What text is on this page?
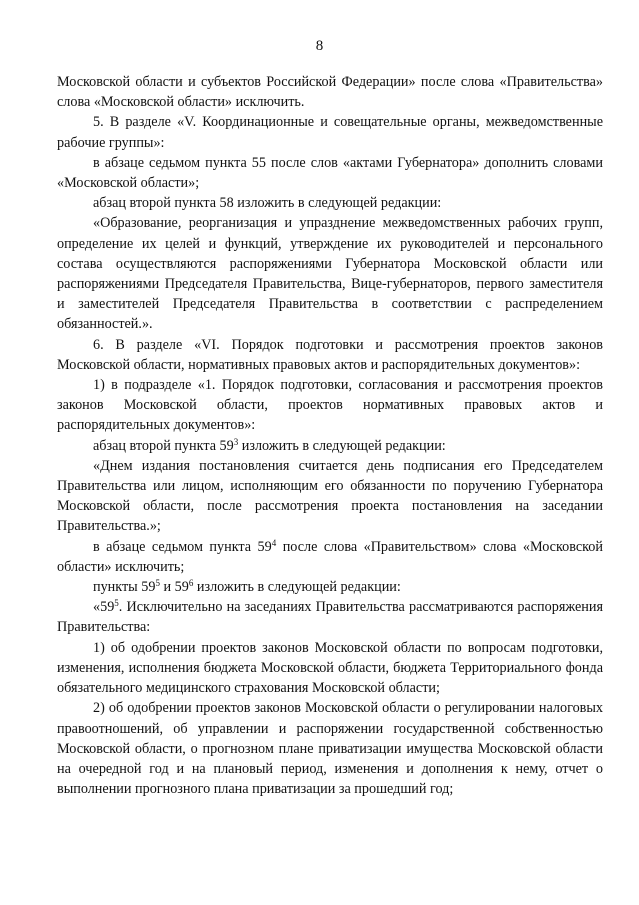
8

Московской области и субъектов Российской Федерации» после слова «Правительства» слова «Московской области» исключить.

5. В разделе «V. Координационные и совещательные органы, межведомственные рабочие группы»:

в абзаце седьмом пункта 55 после слов «актами Губернатора» дополнить словами «Московской области»;

абзац второй пункта 58 изложить в следующей редакции:

«Образование, реорганизация и упразднение межведомственных рабочих групп, определение их целей и функций, утверждение их руководителей и персонального состава осуществляются распоряжениями Губернатора Московской области или распоряжениями Председателя Правительства, Вице-губернаторов, первого заместителя и заместителей Председателя Правительства в соответствии с распределением обязанностей.».

6. В разделе «VI. Порядок подготовки и рассмотрения проектов законов Московской области, нормативных правовых актов и распорядительных документов»:

1) в подразделе «1. Порядок подготовки, согласования и рассмотрения проектов законов Московской области, проектов нормативных правовых актов и распорядительных документов»:

абзац второй пункта $59^3$ изложить в следующей редакции:

«Днем издания постановления считается день подписания его Председателем Правительства или лицом, исполняющим его обязанности по поручению Губернатора Московской области, после рассмотрения проекта постановления на заседании Правительства.»;

в абзаце седьмом пункта $59^4$ после слова «Правительством» слова «Московской области» исключить;

пункты $59^5$ и $59^6$ изложить в следующей редакции:

«$59^5$. Исключительно на заседаниях Правительства рассматриваются распоряжения Правительства:

1) об одобрении проектов законов Московской области по вопросам подготовки, изменения, исполнения бюджета Московской области, бюджета Территориального фонда обязательного медицинского страхования Московской области;

2) об одобрении проектов законов Московской области о регулировании налоговых правоотношений, об управлении и распоряжении государственной собственностью Московской области, о прогнозном плане приватизации имущества Московской области на очередной год и на плановый период, изменения и дополнения к нему, отчет о выполнении прогнозного плана приватизации за прошедший год;
